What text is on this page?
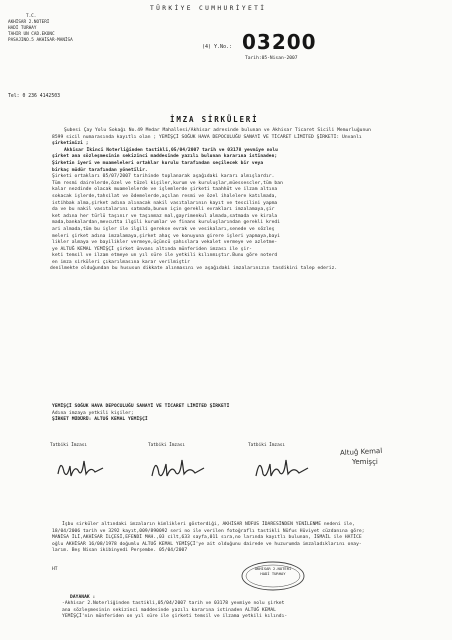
TÜRKİYE CUMHURİYETİ
T.C.
AKHİSAR 2.NOTERİ
HADİ TURHAY
TAHIR UN CAD.EKONC
PASAJINO.5 AKHİSAR-MANİSA
(4) Y.No.: 03200
Tarih:05-Nisan-2007
Tel: 0 236 4142503
İMZA SİRKÜLERİ
Şubesi Çay Yolu Sokağı No.49 Medar Mahallesi/Akhisar adresinde bulunan ve Akhisar Ticaret Sicili Memurluğunun
8599 sicil numarasında kayıtlı olan ; YEMİŞÇİ SOĞUK HAVA DEPOCULUĞU SANAYİ VE TİCARET LİMİTED ŞİRKETİ: Unvanlı
şirketimizi ;
Akhisar İkinci Noterliğinden tastikli,05/04/2007 tarih ve 03178 yevmiye nolu
şirket ana sözleşmesinin sekizinci maddesinde yazılı bulunan kararına istinaden;
Şirketin iyeri ve muameleleri ortaklar kurulu tarafından seçilecek bir veya
birkaç müdür tarafından yönetilir.
Şirketi ortakları 05/07/2007 tarihinde toplanarak aşağıdaki kararı almışlardır.
Tüm resmi dairelerde,özel ve tüzel kişiler,kurum ve kuruluşlar,müessescler,tüm ban
kalar nezdinde olacak muamelelerde ve işlemlerde şirketi taahhüt ve ilzam altına
sokacak işlerde,tahsilat ve ödemelerde,açılan resmi ve özel ihalelere katılmada,
istihbak alma,şirket adına alınacak nakil vasıtalarının kayıt ve tescilini yapma
da ve bu nakil vasıtalarını satmada,bunun için gerekli evrakları imzalamaya,şir
ket adına her türlü taşınır ve taşınmaz mal,gayrimenkul almada,satmada ve kirala
mada,bankalardan,mevcutta ilgili kurumlar ve finans kuruluşlarından gerekli kredi
ari almada,tüm bu işler ile ilgili gerekse evrak ve vesikaları,senede ve sözleş
meleri şirket adına imzalamaya,şirket ahaç ve konuyuna girere işleri yapmaya,bayi
likler almaya ve bayilikler vermeye,üçüncü şahıslara vekalet vermeye ve azletme-
ye ALTUĞ KEMAL YEMİŞÇİ şirket ünvanı altında münferiden imzası ile şir-
keti temsil ve ilzam etmeye un yıl süre ile yetkili kılınmıştır.Bunu göre noterd
en imza sirküleri çıkarılmasına karar verilmiştir
denilmekte olduğundan bu hususun dikkate alınmasını ve aşağıdaki imzalarınızın tasdikini talep ederiz.
YEMİŞÇİ SOĞUK HAVA DEPOCULUĞU SANAYİ VE TİCARET LİMİTED ŞİRKETİ
Adına imzaya yetkili kişiler;
ŞİRKET MÜDÜRÜ: ALTUĞ KEMAL YEMİŞÇİ
Tatbiki İmzası	Tatbiki İmzası	Tatbiki İmzası
Altuğ Kemal
Yemişçi
İşbu sirküler altındaki imzaların kimlikleri gösterdiği, AKHİSAR NÜFUS İDARESİNDEN YENİLENME nedeni ile,
18/04/2006 tarih ve 3292 kayıt,009/890092 seri no ile verilen fotoğraflı tastikli Nüfus Hüviyet cüzdanına göre;
MANİSA İLİ,AKHİSAR İLÇESİ,EFENDİ MAH.,03 cilt,633 sayfa,011 sıra,no larında kayıtlı bulunan, İSMAİL ile HATİCE
oğlu AKHİSAR 16/08/1978 doğumlu ALTUĞ KEMAL YEMİŞÇİ'ye ait olduğunu dairede ve huzurumda imzaladıklarını onay-
larım. Beş Nisan ikibinyedi Perşembe. 05/04/2007
HT	AKHİSAR 2.NOTERİ
HADİ TURHAY
DAYANAK :
-Akhisar 2.Noterliğinden tastikli,05/04/2007 tarih ve 03178 yevmiye nolu şirket
ana sözleşmesinin sekizinci maddesinde yazılı kararına istinaden ALTUĞ KEMAL
YEMİŞÇİ'nin münferiden on yıl süre ile şirketi temsil ve ilzama yetkili kılındı-
